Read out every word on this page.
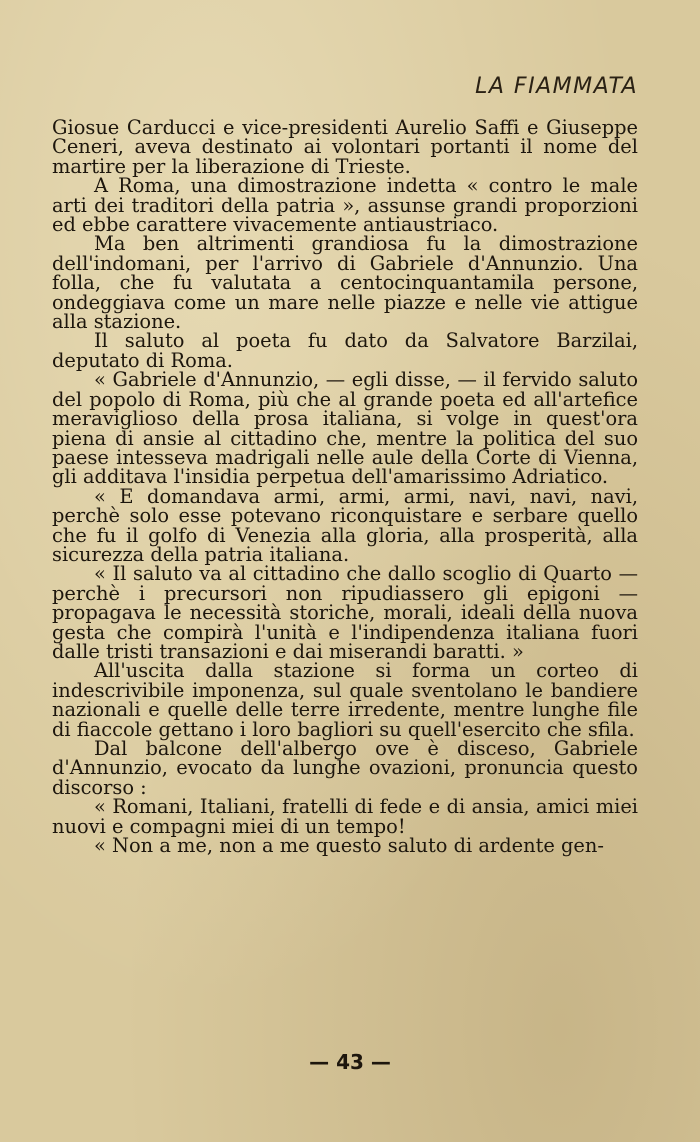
LA FIAMMATA

Giosue Carducci e vice-presidenti Aurelio Saffi e Giuseppe Ceneri, aveva destinato ai volontari portanti il nome del martire per la liberazione di Trieste.

A Roma, una dimostrazione indetta « contro le male arti dei traditori della patria », assunse grandi proporzioni ed ebbe carattere vivacemente antiaustriaco.

Ma ben altrimenti grandiosa fu la dimostrazione dell'indomani, per l'arrivo di Gabriele d'Annunzio. Una folla, che fu valutata a centocinquantamila persone, ondeggiava come un mare nelle piazze e nelle vie attigue alla stazione.

Il saluto al poeta fu dato da Salvatore Barzilai, deputato di Roma.

« Gabriele d'Annunzio, — egli disse, — il fervido saluto del popolo di Roma, più che al grande poeta ed all'artefice meraviglioso della prosa italiana, si volge in quest'ora piena di ansie al cittadino che, mentre la politica del suo paese intesseva madrigali nelle aule della Corte di Vienna, gli additava l'insidia perpetua dell'amarissimo Adriatico.

« E domandava armi, armi, armi, navi, navi, navi, perchè solo esse potevano riconquistare e serbare quello che fu il golfo di Venezia alla gloria, alla prosperità, alla sicurezza della patria italiana.

« Il saluto va al cittadino che dallo scoglio di Quarto — perchè i precursori non ripudiassero gli epigoni — propagava le necessità storiche, morali, ideali della nuova gesta che compirà l'unità e l'indipendenza italiana fuori dalle tristi transazioni e dai miserandi baratti. »

All'uscita dalla stazione si forma un corteo di indescrivibile imponenza, sul quale sventolano le bandiere nazionali e quelle delle terre irredente, mentre lunghe file di fiaccole gettano i loro bagliori su quell'esercito che sfila.

Dal balcone dell'albergo ove è disceso, Gabriele d'Annunzio, evocato da lunghe ovazioni, pronuncia questo discorso :

« Romani, Italiani, fratelli di fede e di ansia, amici miei nuovi e compagni miei di un tempo!

« Non a me, non a me questo saluto di ardente gen-

— 43 —
